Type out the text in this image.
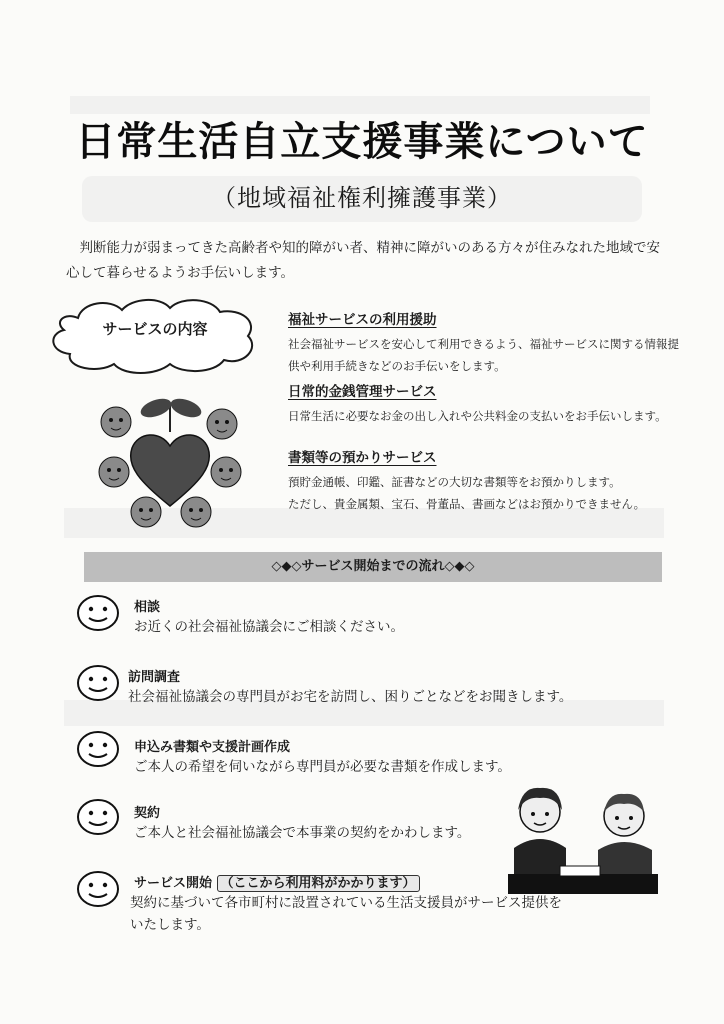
日常生活自立支援事業について
（地域福祉権利擁護事業）
判断能力が弱まってきた高齢者や知的障がい者、精神に障がいのある方々が住みなれた地域で安心して暮らせるようお手伝いします。
サービスの内容	福祉サービスの利用援助

社会福祉サービスを安心して利用できるよう、福祉サービスに関する情報提供や利用手続きなどのお手伝いをします。

日常的金銭管理サービス

日常生活に必要なお金の出し入れや公共料金の支払いをお手伝いします。

書類等の預かりサービス

預貯金通帳、印鑑、証書などの大切な書類等をお預かりします。

ただし、貴金属類、宝石、骨董品、書画などはお預かりできません。

◇◆◇サービス開始までの流れ◇◆◇
相談
お近くの社会福祉協議会にご相談ください。
訪問調査
社会福祉協議会の専門員がお宅を訪問し、困りごとなどをお聞きします。
申込み書類や支援計画作成
ご本人の希望を伺いながら専門員が必要な書類を作成します。
契約
ご本人と社会福祉協議会で本事業の契約をかわします。
サービス開始 （ここから利用料がかかります）
契約に基づいて各市町村に設置されている生活支援員がサービス提供を
いたします。
